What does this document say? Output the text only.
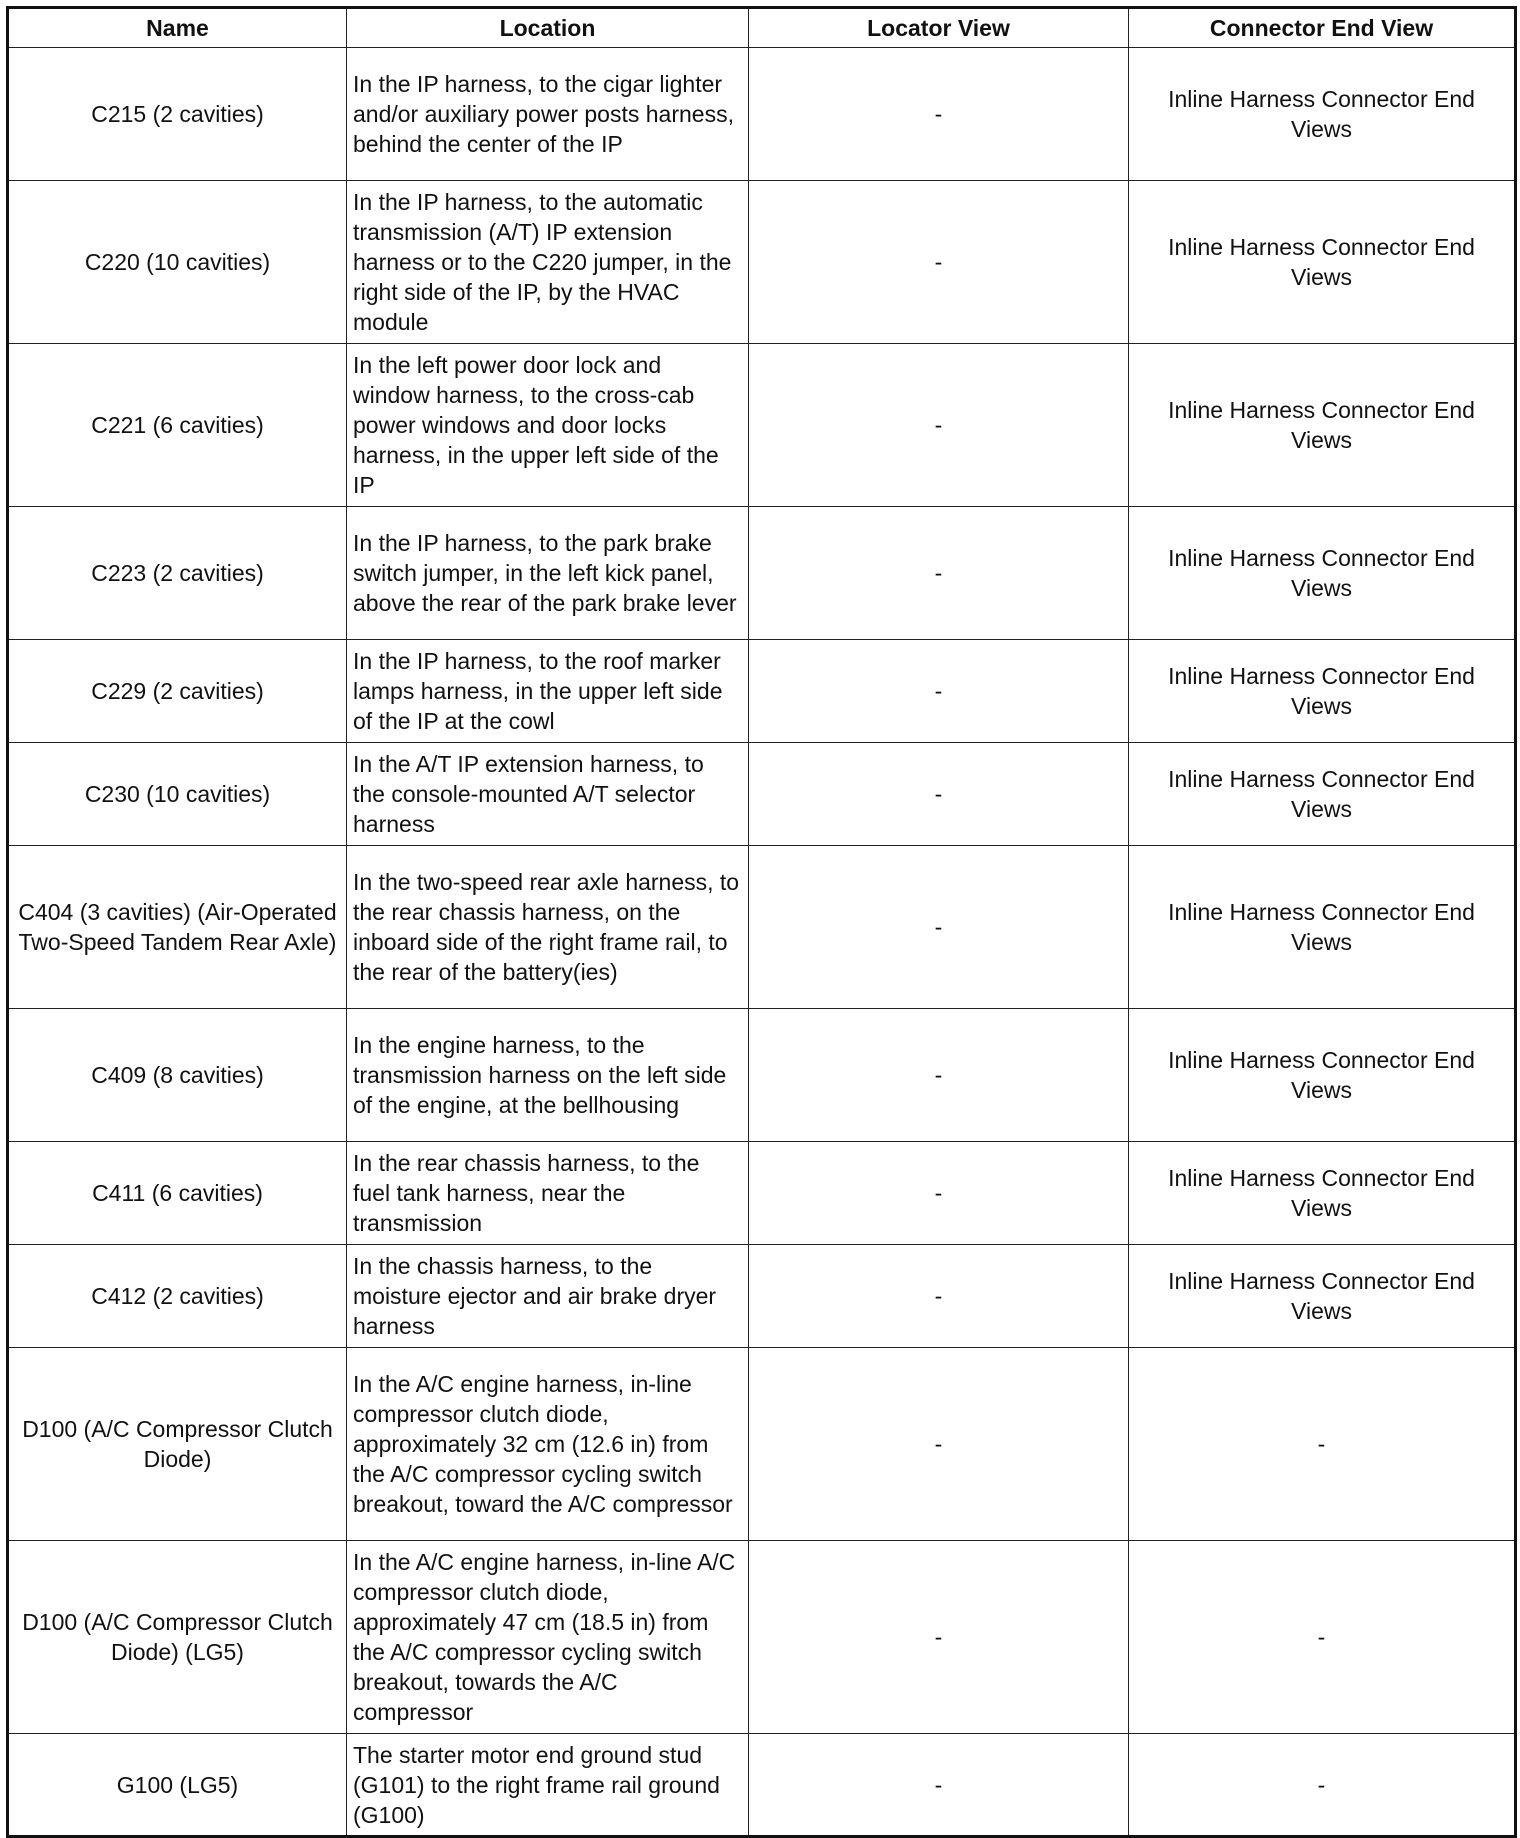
Name	Location	Locator View	Connector End View
C215 (2 cavities)	In the IP harness, to the cigar lighter and/or auxiliary power posts harness, behind the center of the IP	-	Inline Harness Connector End Views
C220 (10 cavities)	In the IP harness, to the automatic transmission (A/T) IP extension harness or to the C220 jumper, in the right side of the IP, by the HVAC module	-	Inline Harness Connector End Views
C221 (6 cavities)	In the left power door lock and window harness, to the cross-cab power windows and door locks harness, in the upper left side of the IP	-	Inline Harness Connector End Views
C223 (2 cavities)	In the IP harness, to the park brake switch jumper, in the left kick panel, above the rear of the park brake lever	-	Inline Harness Connector End Views
C229 (2 cavities)	In the IP harness, to the roof marker lamps harness, in the upper left side of the IP at the cowl	-	Inline Harness Connector End Views
C230 (10 cavities)	In the A/T IP extension harness, to the console-mounted A/T selector harness	-	Inline Harness Connector End Views
C404 (3 cavities) (Air-Operated Two-Speed Tandem Rear Axle)	In the two-speed rear axle harness, to the rear chassis harness, on the inboard side of the right frame rail, to the rear of the battery(ies)	-	Inline Harness Connector End Views
C409 (8 cavities)	In the engine harness, to the transmission harness on the left side of the engine, at the bellhousing	-	Inline Harness Connector End Views
C411 (6 cavities)	In the rear chassis harness, to the fuel tank harness, near the transmission	-	Inline Harness Connector End Views
C412 (2 cavities)	In the chassis harness, to the moisture ejector and air brake dryer harness	-	Inline Harness Connector End Views
D100 (A/C Compressor Clutch Diode)	In the A/C engine harness, in-line compressor clutch diode, approximately 32 cm (12.6 in) from the A/C compressor cycling switch breakout, toward the A/C compressor	-	-
D100 (A/C Compressor Clutch Diode) (LG5)	In the A/C engine harness, in-line A/C compressor clutch diode, approximately 47 cm (18.5 in) from the A/C compressor cycling switch breakout, towards the A/C compressor	-	-
G100 (LG5)	The starter motor end ground stud (G101) to the right frame rail ground (G100)	-	-
